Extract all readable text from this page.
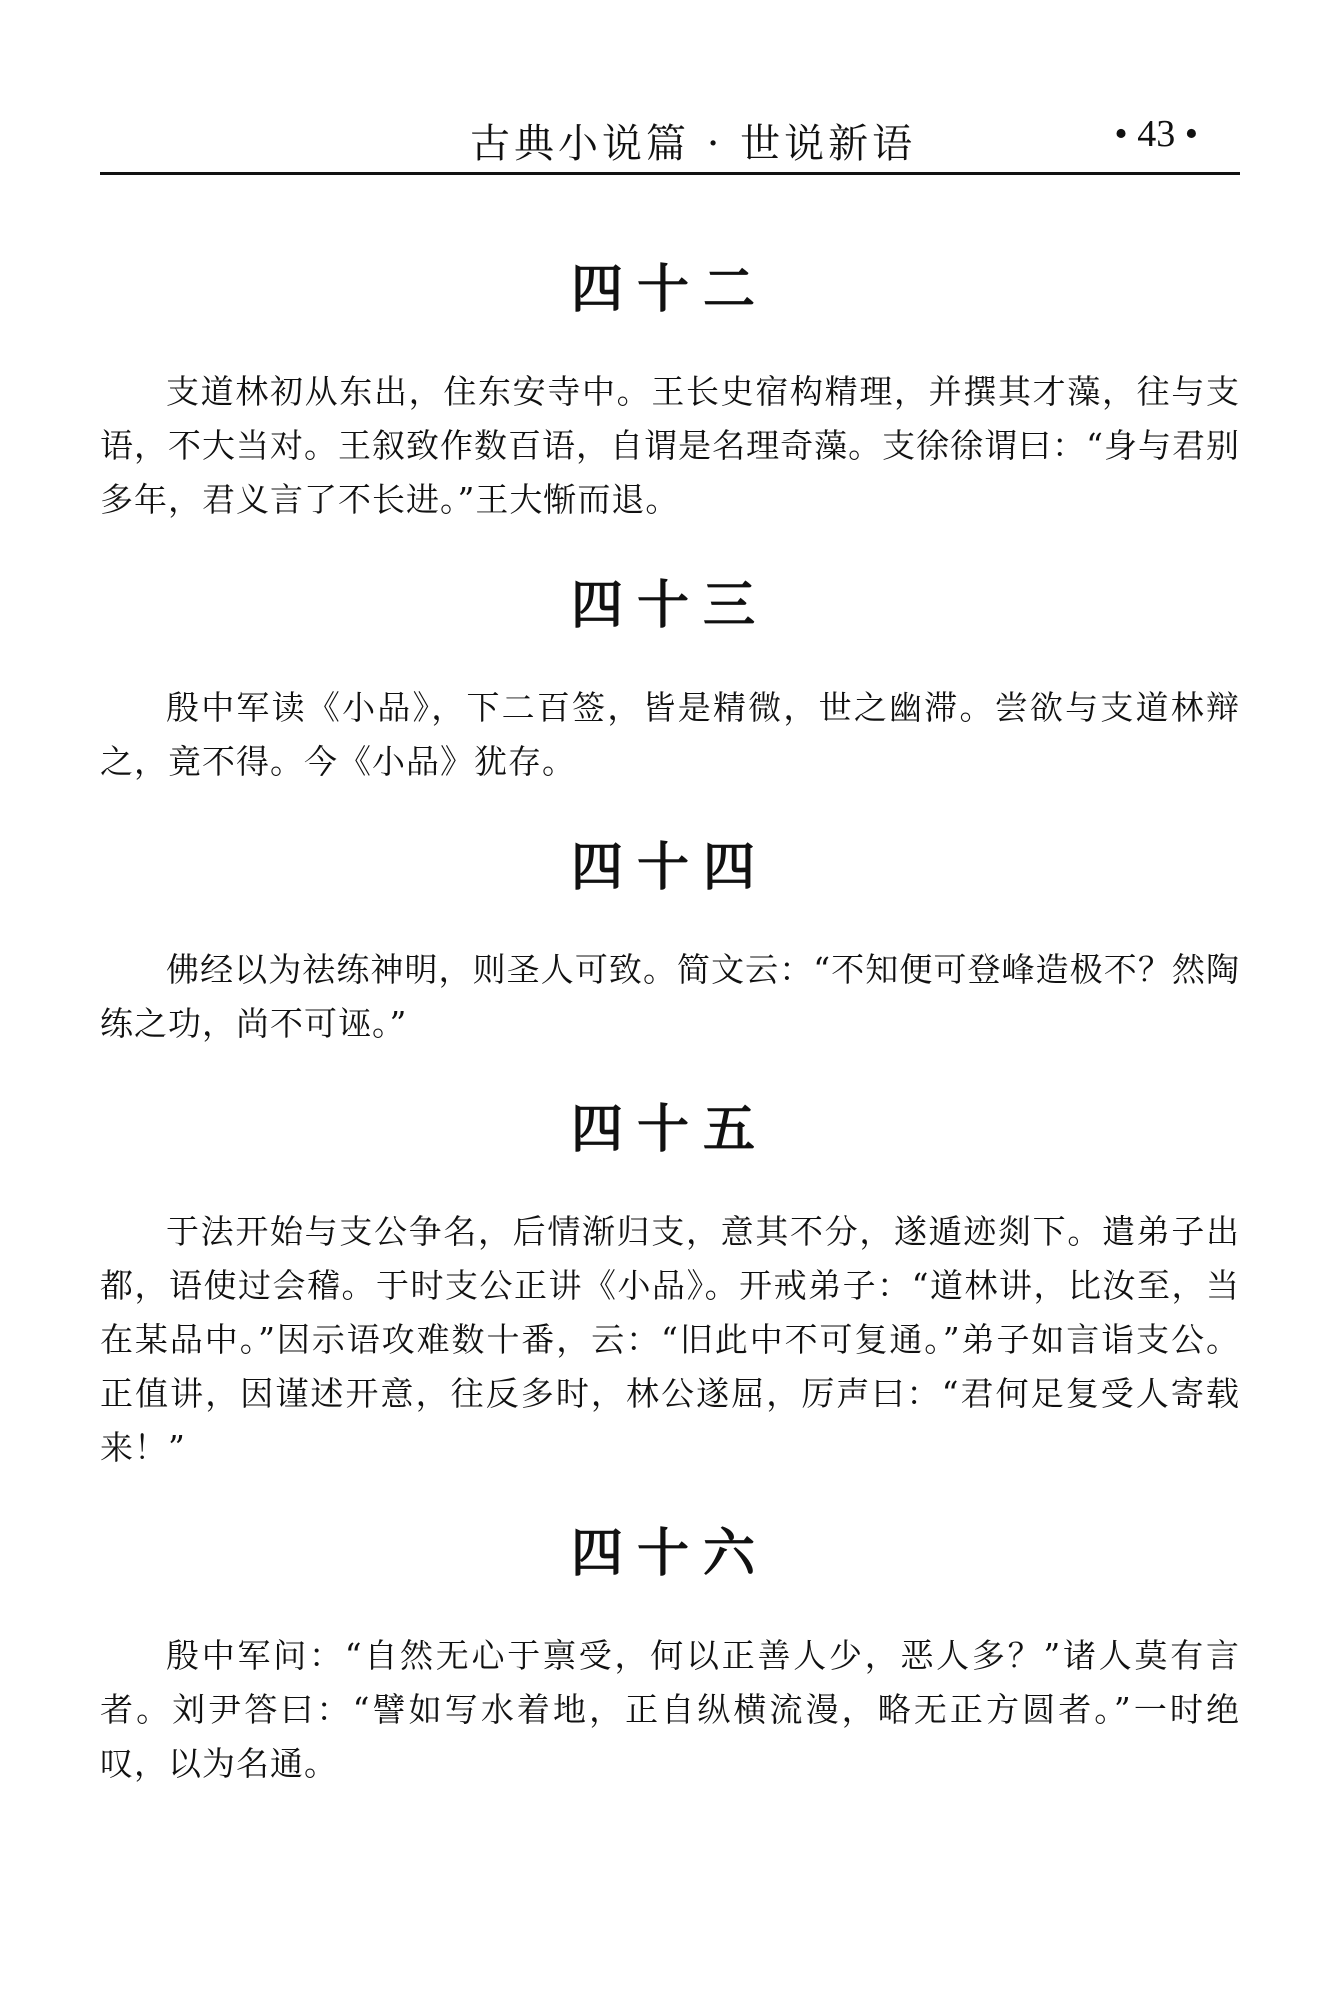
古典小说篇 · 世说新语	• 43 •
四十二

支道林初从东出，住东安寺中。王长史宿构精理，并撰其才藻，往与支语，不大当对。王叙致作数百语，自谓是名理奇藻。支徐徐谓曰：“身与君别多年，君义言了不长进。”王大惭而退。

四十三

殷中军读《小品》，下二百签，皆是精微，世之幽滞。尝欲与支道林辩之，竟不得。今《小品》犹存。

四十四

佛经以为祛练神明，则圣人可致。简文云：“不知便可登峰造极不？然陶练之功，尚不可诬。”

四十五

于法开始与支公争名，后情渐归支，意其不分，遂遁迹剡下。遣弟子出都，语使过会稽。于时支公正讲《小品》。开戒弟子：“道林讲，比汝至，当在某品中。”因示语攻难数十番，云：“旧此中不可复通。”弟子如言诣支公。正值讲，因谨述开意，往反多时，林公遂屈，厉声曰：“君何足复受人寄载来！”

四十六

殷中军问：“自然无心于禀受，何以正善人少，恶人多？”诸人莫有言者。刘尹答曰：“譬如写水着地，正自纵横流漫，略无正方圆者。”一时绝叹，以为名通。
